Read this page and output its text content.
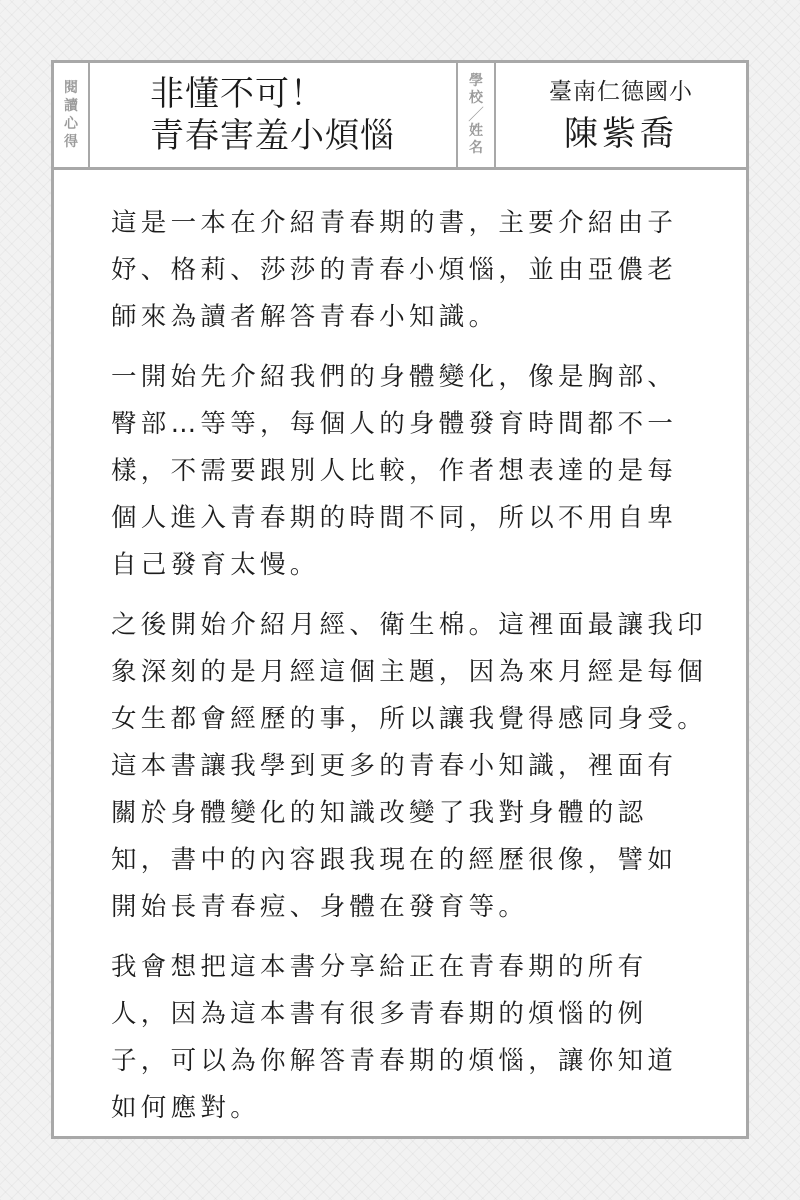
閱
讀
心
得
非懂不可！
青春害羞小煩惱
學
校
／
姓
名
臺南仁德國小
陳紫喬
這是一本在介紹青春期的書，主要介紹由子
妤、格莉、莎莎的青春小煩惱，並由亞儂老
師來為讀者解答青春小知識。
一開始先介紹我們的身體變化，像是胸部、
臀部…等等，每個人的身體發育時間都不一
樣，不需要跟別人比較，作者想表達的是每
個人進入青春期的時間不同，所以不用自卑
自己發育太慢。
之後開始介紹月經、衛生棉。這裡面最讓我印
象深刻的是月經這個主題，因為來月經是每個
女生都會經歷的事，所以讓我覺得感同身受。
這本書讓我學到更多的青春小知識，裡面有
關於身體變化的知識改變了我對身體的認
知，書中的內容跟我現在的經歷很像，譬如
開始長青春痘、身體在發育等。
我會想把這本書分享給正在青春期的所有
人，因為這本書有很多青春期的煩惱的例
子，可以為你解答青春期的煩惱，讓你知道
如何應對。
